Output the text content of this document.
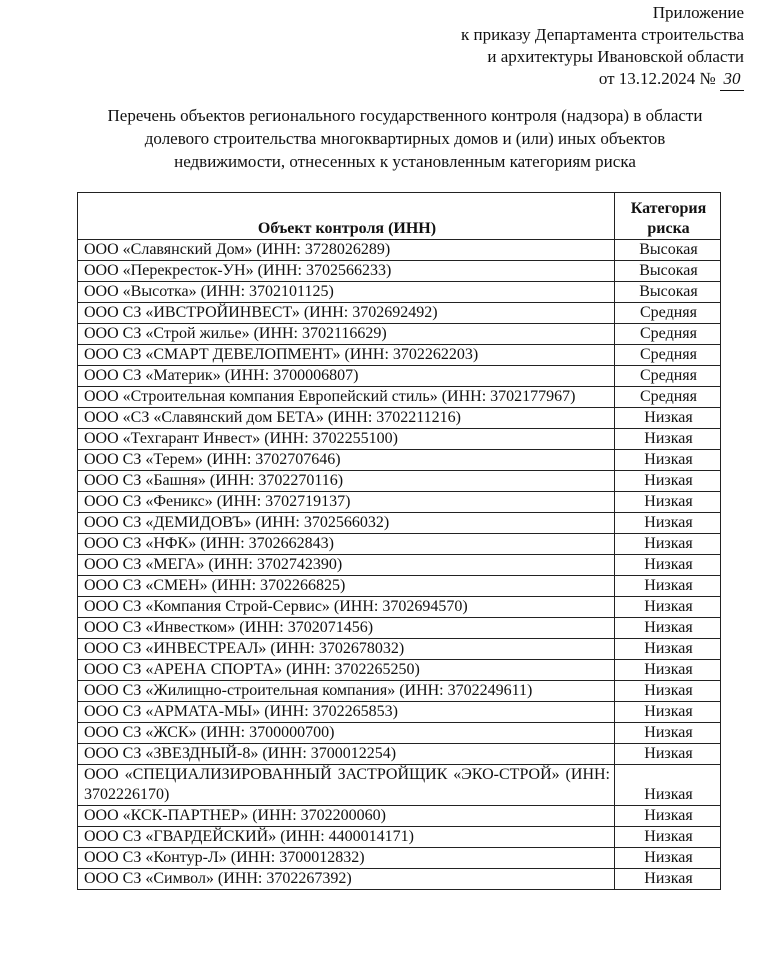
Приложение
к приказу Департамента строительства
и архитектуры Ивановской области
от 13.12.2024 № 30
Перечень объектов регионального государственного контроля (надзора) в области
долевого строительства многоквартирных домов и (или) иных объектов
недвижимости, отнесенных к установленным категориям риска
Объект контроля (ИНН)	Категория
риска

ООО «Славянский Дом» (ИНН: 3728026289)	Высокая
ООО «Перекресток-УН» (ИНН: 3702566233)	Высокая
ООО «Высотка» (ИНН: 3702101125)	Высокая
ООО СЗ «ИВСТРОЙИНВЕСТ» (ИНН: 3702692492)	Средняя
ООО СЗ «Строй жилье» (ИНН: 3702116629)	Средняя
ООО СЗ «СМАРТ ДЕВЕЛОПМЕНТ» (ИНН: 3702262203)	Средняя
ООО СЗ «Материк» (ИНН: 3700006807)	Средняя
ООО «Строительная компания Европейский стиль» (ИНН: 3702177967)	Средняя
ООО «СЗ «Славянский дом БЕТА» (ИНН: 3702211216)	Низкая
ООО «Техгарант Инвест» (ИНН: 3702255100)	Низкая
ООО СЗ «Терем» (ИНН: 3702707646)	Низкая
ООО СЗ «Башня» (ИНН: 3702270116)	Низкая
ООО СЗ «Феникс» (ИНН: 3702719137)	Низкая
ООО СЗ «ДЕМИДОВЪ» (ИНН: 3702566032)	Низкая
ООО СЗ «НФК» (ИНН: 3702662843)	Низкая
ООО СЗ «МЕГА» (ИНН: 3702742390)	Низкая
ООО СЗ «СМЕН» (ИНН: 3702266825)	Низкая
ООО СЗ «Компания Строй-Сервис» (ИНН: 3702694570)	Низкая
ООО СЗ «Инвестком» (ИНН: 3702071456)	Низкая
ООО СЗ «ИНВЕСТРЕАЛ» (ИНН: 3702678032)	Низкая
ООО СЗ «АРЕНА СПОРТА» (ИНН: 3702265250)	Низкая
ООО СЗ «Жилищно-строительная компания» (ИНН: 3702249611)	Низкая
ООО СЗ «АРМАТА-МЫ» (ИНН: 3702265853)	Низкая
ООО СЗ «ЖСК» (ИНН: 3700000700)	Низкая
ООО СЗ «ЗВЕЗДНЫЙ-8» (ИНН: 3700012254)	Низкая
ООО «СПЕЦИАЛИЗИРОВАННЫЙ ЗАСТРОЙЩИК «ЭКО-СТРОЙ» (ИНН: 3702226170)	Низкая
ООО «КСК-ПАРТНЕР» (ИНН: 3702200060)	Низкая
ООО СЗ «ГВАРДЕЙСКИЙ» (ИНН: 4400014171)	Низкая
ООО СЗ «Контур-Л» (ИНН: 3700012832)	Низкая
ООО СЗ «Символ» (ИНН: 3702267392)	Низкая
